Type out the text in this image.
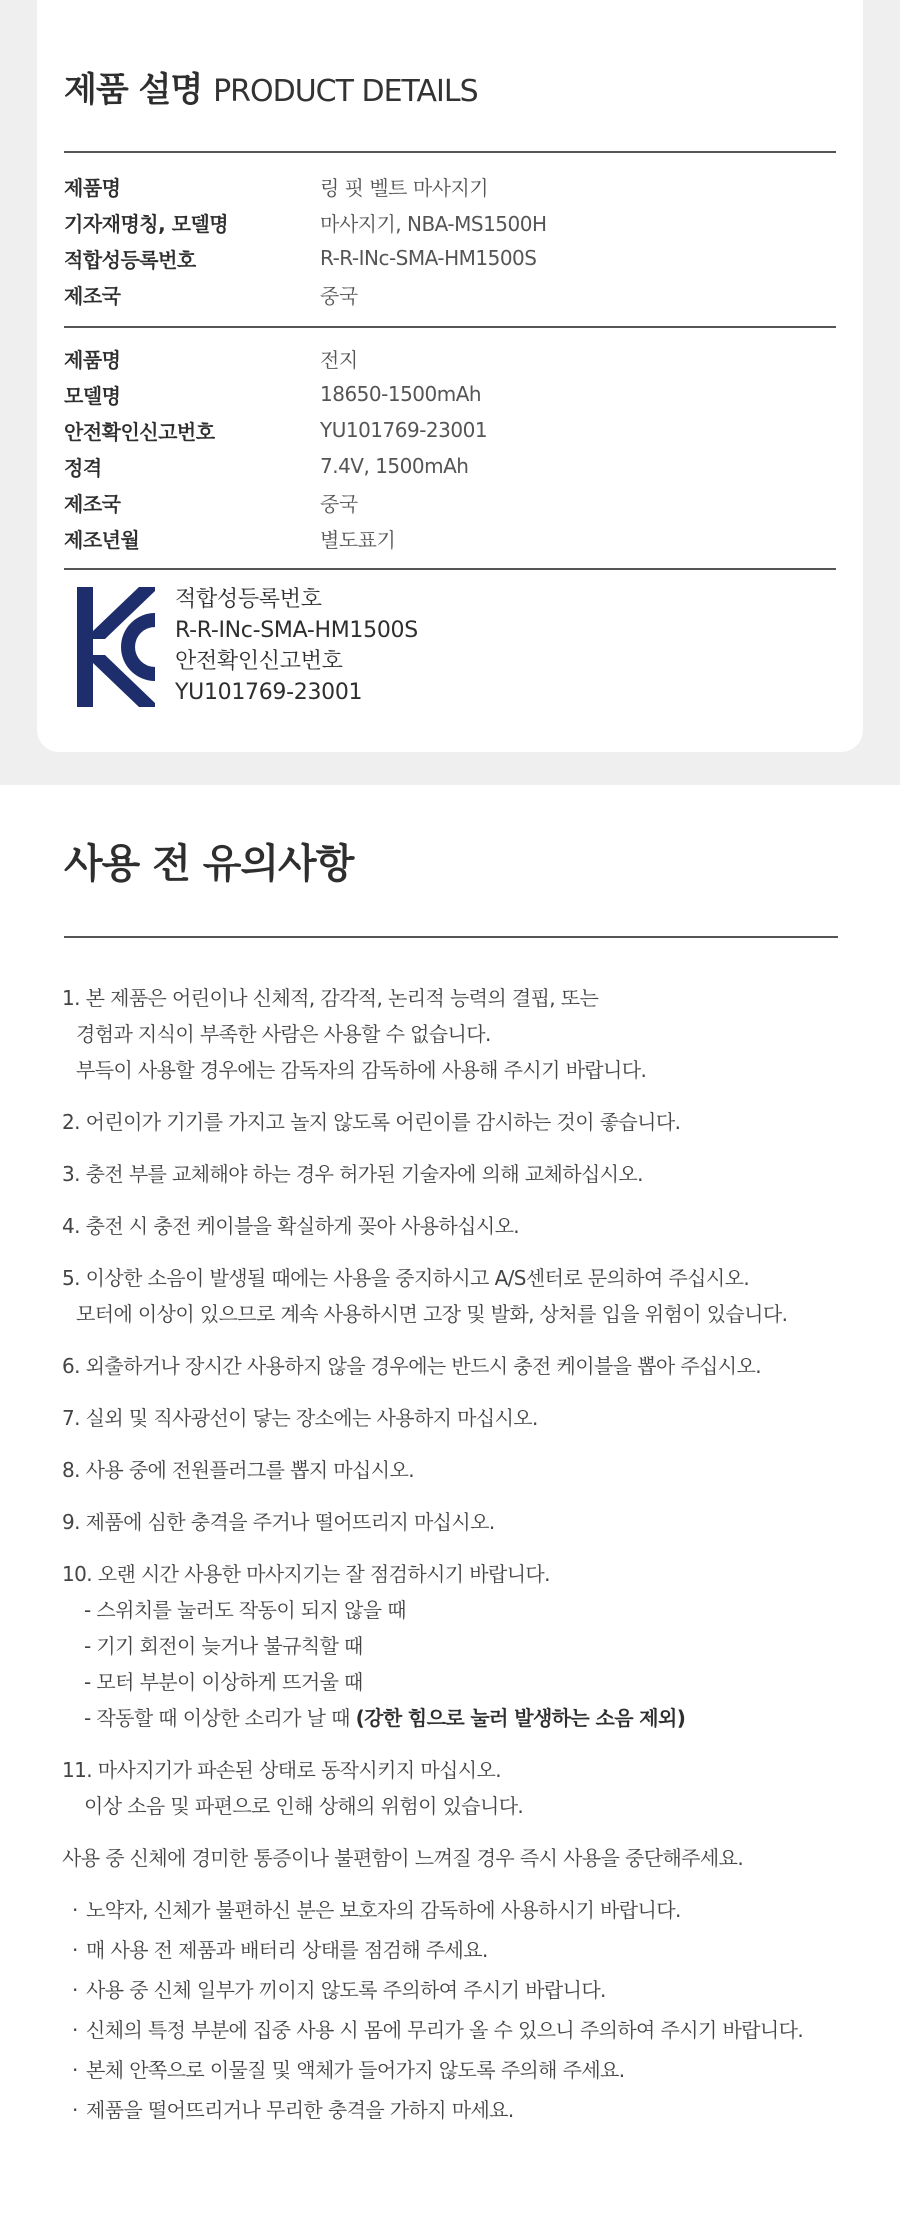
제품 설명 PRODUCT DETAILS
제품명	링 핏 벨트 마사지기
기자재명칭, 모델명	마사지기, NBA-MS1500H
적합성등록번호	R-R-INc-SMA-HM1500S
제조국	중국
제품명	전지
모델명	18650-1500mAh
안전확인신고번호	YU101769-23001
정격	7.4V, 1500mAh
제조국	중국
제조년월	별도표기
적합성등록번호
R-R-INc-SMA-HM1500S
안전확인신고번호
YU101769-23001
사용 전 유의사항
1. 본 제품은 어린이나 신체적, 감각적, 논리적 능력의 결핍, 또는
경험과 지식이 부족한 사람은 사용할 수 없습니다.
부득이 사용할 경우에는 감독자의 감독하에 사용해 주시기 바랍니다.
2. 어린이가 기기를 가지고 놀지 않도록 어린이를 감시하는 것이 좋습니다.
3. 충전 부를 교체해야 하는 경우 허가된 기술자에 의해 교체하십시오.
4. 충전 시 충전 케이블을 확실하게 꽂아 사용하십시오.
5. 이상한 소음이 발생될 때에는 사용을 중지하시고 A/S센터로 문의하여 주십시오.
모터에 이상이 있으므로 계속 사용하시면 고장 및 발화, 상처를 입을 위험이 있습니다.
6. 외출하거나 장시간 사용하지 않을 경우에는 반드시 충전 케이블을 뽑아 주십시오.
7. 실외 및 직사광선이 닿는 장소에는 사용하지 마십시오.
8. 사용 중에 전원플러그를 뽑지 마십시오.
9. 제품에 심한 충격을 주거나 떨어뜨리지 마십시오.
10. 오랜 시간 사용한 마사지기는 잘 점검하시기 바랍니다.
- 스위치를 눌러도 작동이 되지 않을 때
- 기기 회전이 늦거나 불규칙할 때
- 모터 부분이 이상하게 뜨거울 때
- 작동할 때 이상한 소리가 날 때 (강한 힘으로 눌러 발생하는 소음 제외)
11. 마사지기가 파손된 상태로 동작시키지 마십시오.
이상 소음 및 파편으로 인해 상해의 위험이 있습니다.
사용 중 신체에 경미한 통증이나 불편함이 느껴질 경우 즉시 사용을 중단해주세요.
· 노약자, 신체가 불편하신 분은 보호자의 감독하에 사용하시기 바랍니다.
· 매 사용 전 제품과 배터리 상태를 점검해 주세요.
· 사용 중 신체 일부가 끼이지 않도록 주의하여 주시기 바랍니다.
· 신체의 특정 부분에 집중 사용 시 몸에 무리가 올 수 있으니 주의하여 주시기 바랍니다.
· 본체 안쪽으로 이물질 및 액체가 들어가지 않도록 주의해 주세요.
· 제품을 떨어뜨리거나 무리한 충격을 가하지 마세요.
